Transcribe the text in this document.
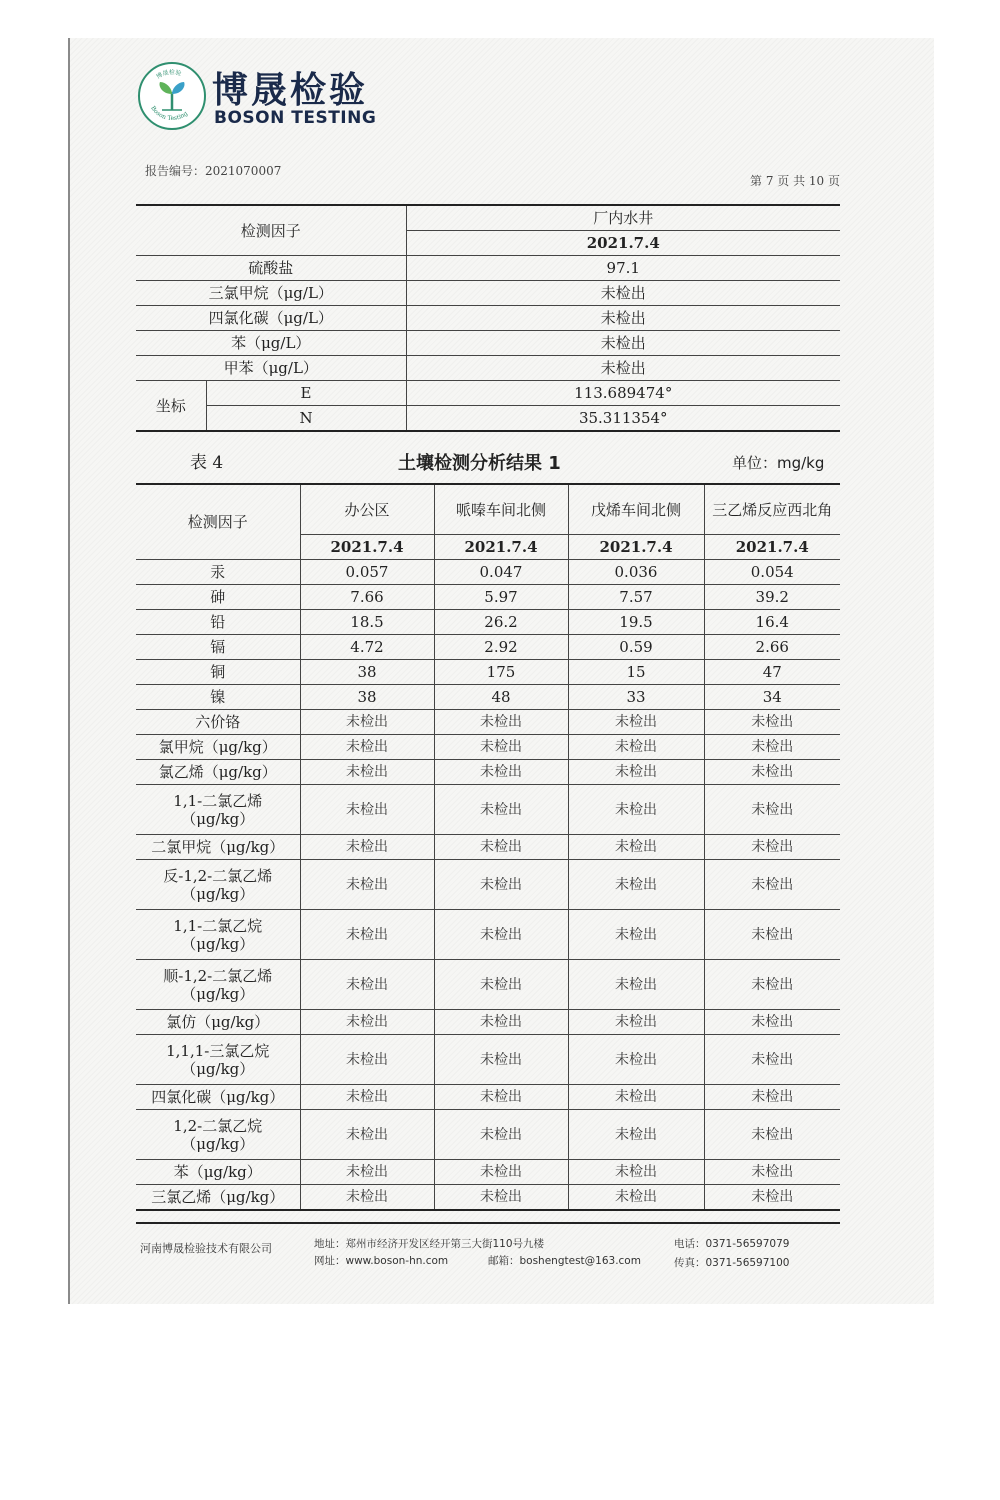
博晟检验
Boson Testing
博晟检验
BOSON TESTING
报告编号：2021070007
第 7 页 共 10 页
检测因子		厂内水井
		2021.7.4
硫酸盐		97.1
三氯甲烷（μg/L）		未检出
四氯化碳（μg/L）		未检出
苯（μg/L）		未检出
甲苯（μg/L）		未检出
坐标	E	113.689474°
	N	35.311354°
表 4	土壤检测分析结果 1	单位：mg/kg
检测因子	办公区	哌嗪车间北侧	戊烯车间北侧	三乙烯反应西北角
	2021.7.4	2021.7.4	2021.7.4	2021.7.4
汞	0.057	0.047	0.036	0.054
砷	7.66	5.97	7.57	39.2
铅	18.5	26.2	19.5	16.4
镉	4.72	2.92	0.59	2.66
铜	38	175	15	47
镍	38	48	33	34
六价铬	未检出	未检出	未检出	未检出
氯甲烷（μg/kg）	未检出	未检出	未检出	未检出
氯乙烯（μg/kg）	未检出	未检出	未检出	未检出

1,1-二氯乙烯
（μg/kg）	未检出	未检出	未检出	未检出
二氯甲烷（μg/kg）	未检出	未检出	未检出	未检出

反-1,2-二氯乙烯
（μg/kg）	未检出	未检出	未检出	未检出

1,1-二氯乙烷
（μg/kg）	未检出	未检出	未检出	未检出

顺-1,2-二氯乙烯
（μg/kg）	未检出	未检出	未检出	未检出
氯仿（μg/kg）	未检出	未检出	未检出	未检出

1,1,1-三氯乙烷
（μg/kg）	未检出	未检出	未检出	未检出
四氯化碳（μg/kg）	未检出	未检出	未检出	未检出

1,2-二氯乙烷
（μg/kg）	未检出	未检出	未检出	未检出
苯（μg/kg）	未检出	未检出	未检出	未检出
三氯乙烯（μg/kg）	未检出	未检出	未检出	未检出
河南博晟检验技术有限公司	地址：郑州市经济开发区经开第三大街110号九楼
网址：www.boson-hn.com	邮箱：boshengtest@163.com
电话：0371-56597079
传真：0371-56597100
